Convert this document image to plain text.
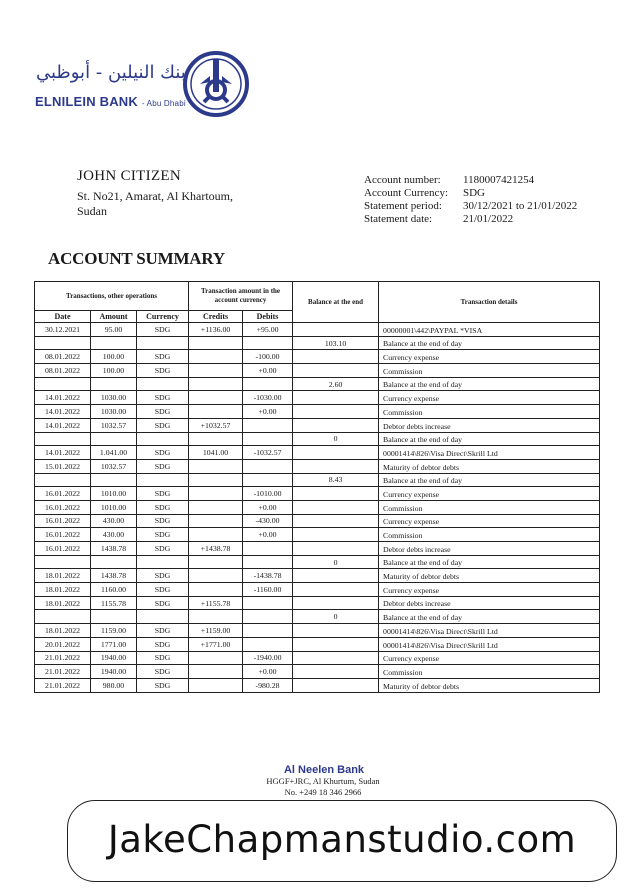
بنك النيلين - أبوظبي
ELNILEIN BANK - Abu Dhabi
JOHN CITIZEN
St. No21, Amarat, Al Khartoum,
Sudan
Account number:	1180007421254
Account Currency:	SDG
Statement period:	30/12/2021 to 21/01/2022
Statement date:	21/01/2022
ACCOUNT SUMMARY
Transactions, other operations			Transaction amount in the account currency		Balance at the end	Transaction details
Date	Amount	Currency	Credits	Debits		
30.12.2021	95.00	SDG	+1136.00	+95.00		00000001\442\PAYPAL *VISA
					103.10	Balance at the end of day
08.01.2022	100.00	SDG		-100.00		Currency expense
08.01.2022	100.00	SDG		+0.00		Commission
					2.60	Balance at the end of day
14.01.2022	1030.00	SDG		-1030.00		Currency expense
14.01.2022	1030.00	SDG		+0.00		Commission
14.01.2022	1032.57	SDG	+1032.57			Debtor debts increase
					0	Balance at the end of day
14.01.2022	1.041.00	SDG	1041.00	-1032.57		00001414\826\Visa Direct\Skrill Ltd
15.01.2022	1032.57	SDG				Maturity of debtor debts
					8.43	Balance at the end of day
16.01.2022	1010.00	SDG		-1010.00		Currency expense
16.01.2022	1010.00	SDG		+0.00		Commission
16.01.2022	430.00	SDG		-430.00		Currency expense
16.01.2022	430.00	SDG		+0.00		Commission
16.01.2022	1438.78	SDG	+1438.78			Debtor debts increase
					0	Balance at the end of day
18.01.2022	1438.78	SDG		-1438.78		Maturity of debtor debts
18.01.2022	1160.00	SDG		-1160.00		Currency expense
18.01.2022	1155.78	SDG	+1155.78			Debtor debts increase
					0	Balance at the end of day
18.01.2022	1159.00	SDG	+1159.00			00001414\826\Visa Direct\Skrill Ltd
20.01.2022	1771.00	SDG	+1771.00			00001414\826\Visa Direct\Skrill Ltd
21.01.2022	1940.00	SDG		-1940.00		Currency expense
21.01.2022	1940.00	SDG		+0.00		Commission
21.01.2022	980.00	SDG		-980.28		Maturity of debtor debts
Al Neelen Bank
HGGF+JRC, Al Khurtum, Sudan
No. +249 18 346 2966
JakeChapmanstudio.com
